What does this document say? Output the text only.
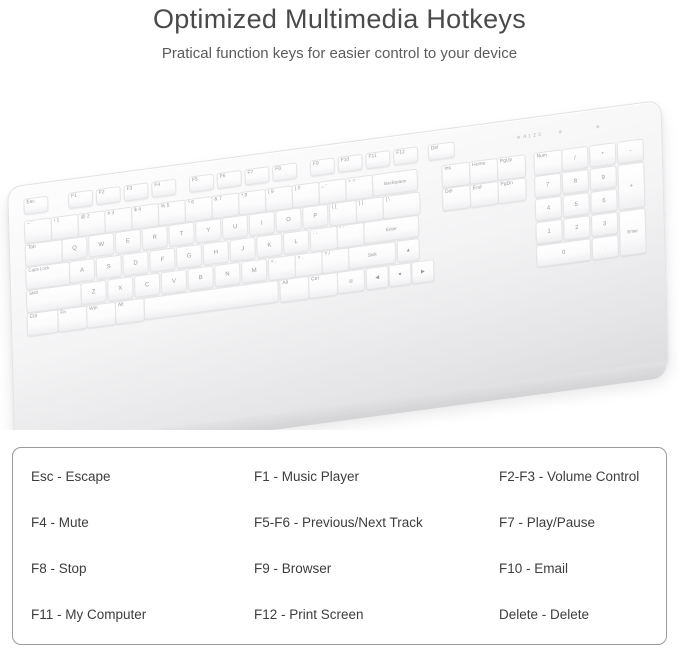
Optimized Multimedia Hotkeys

Pratical function keys for easier control to your device

Esc
F1
F2
F3
F4
F5
F6
F7
F8
F9
F10
F11
F12
Del
A 1 2 3
~ `
! 1
@ 2	# 3
$ 4
% 5	^ 6
& 7	* 8
( 9
) 0
_ -
+ =	Backspace
Tab	Q
W
E
R
T
Y
U
I
O
P
{ [
} ]
| \
Caps Lock	A
S
D
F
G
H
J
K
L
: ;
" '	Enter
Shift	Z
X
C
V
B
N
M
< ,
> .
? /	Shift
▲
Ctrl
Fn
Win
Alt
Alt
Ctrl	◎
◀	▼	▶
Ins
Home	PgUp
Del
End
PgDn
Num	/
*
-
7
8
9
+
4
5
6
1
2
3
Enter
0
.
Esc - Escape	F1 - Music Player	F2-F3 - Volume Control
F4 - Mute	F5-F6 - Previous/Next Track	F7 - Play/Pause
F8 - Stop	F9 - Browser	F10 - Email
F11 - My Computer	F12 - Print Screen	Delete - Delete
